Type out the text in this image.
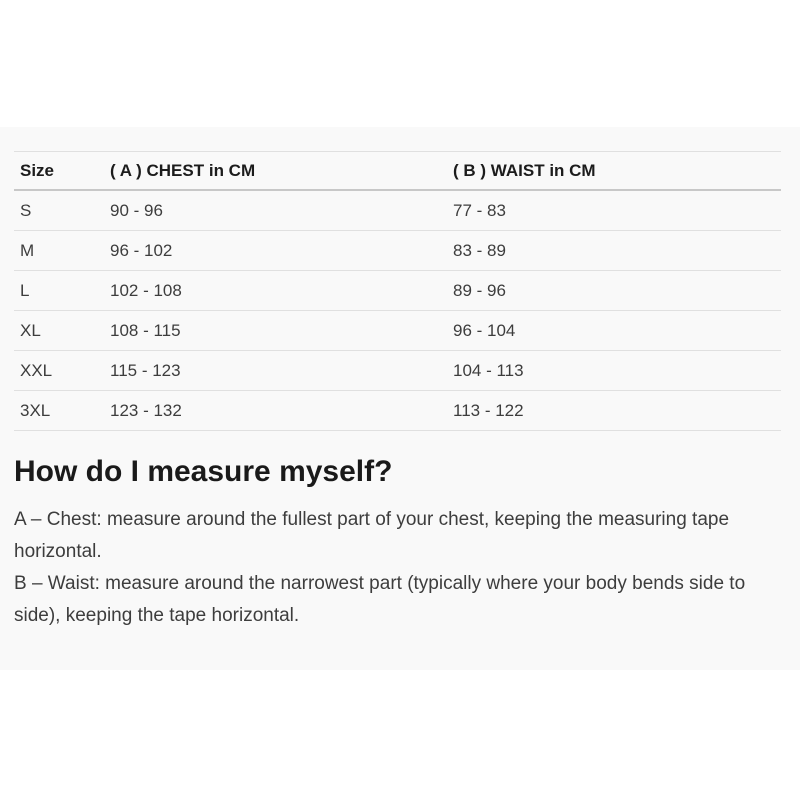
Size	( A ) CHEST in CM	( B ) WAIST in CM
S	90 - 96	77 - 83
M	96 - 102	83 - 89
L	102 - 108	89 - 96
XL	108 - 115	96 - 104
XXL	115 - 123	104 - 113
3XL	123 - 132	113 - 122
How do I measure myself?
A – Chest: measure around the fullest part of your chest, keeping the measuring tape
horizontal.
B – Waist: measure around the narrowest part (typically where your body bends side to
side), keeping the tape horizontal.
